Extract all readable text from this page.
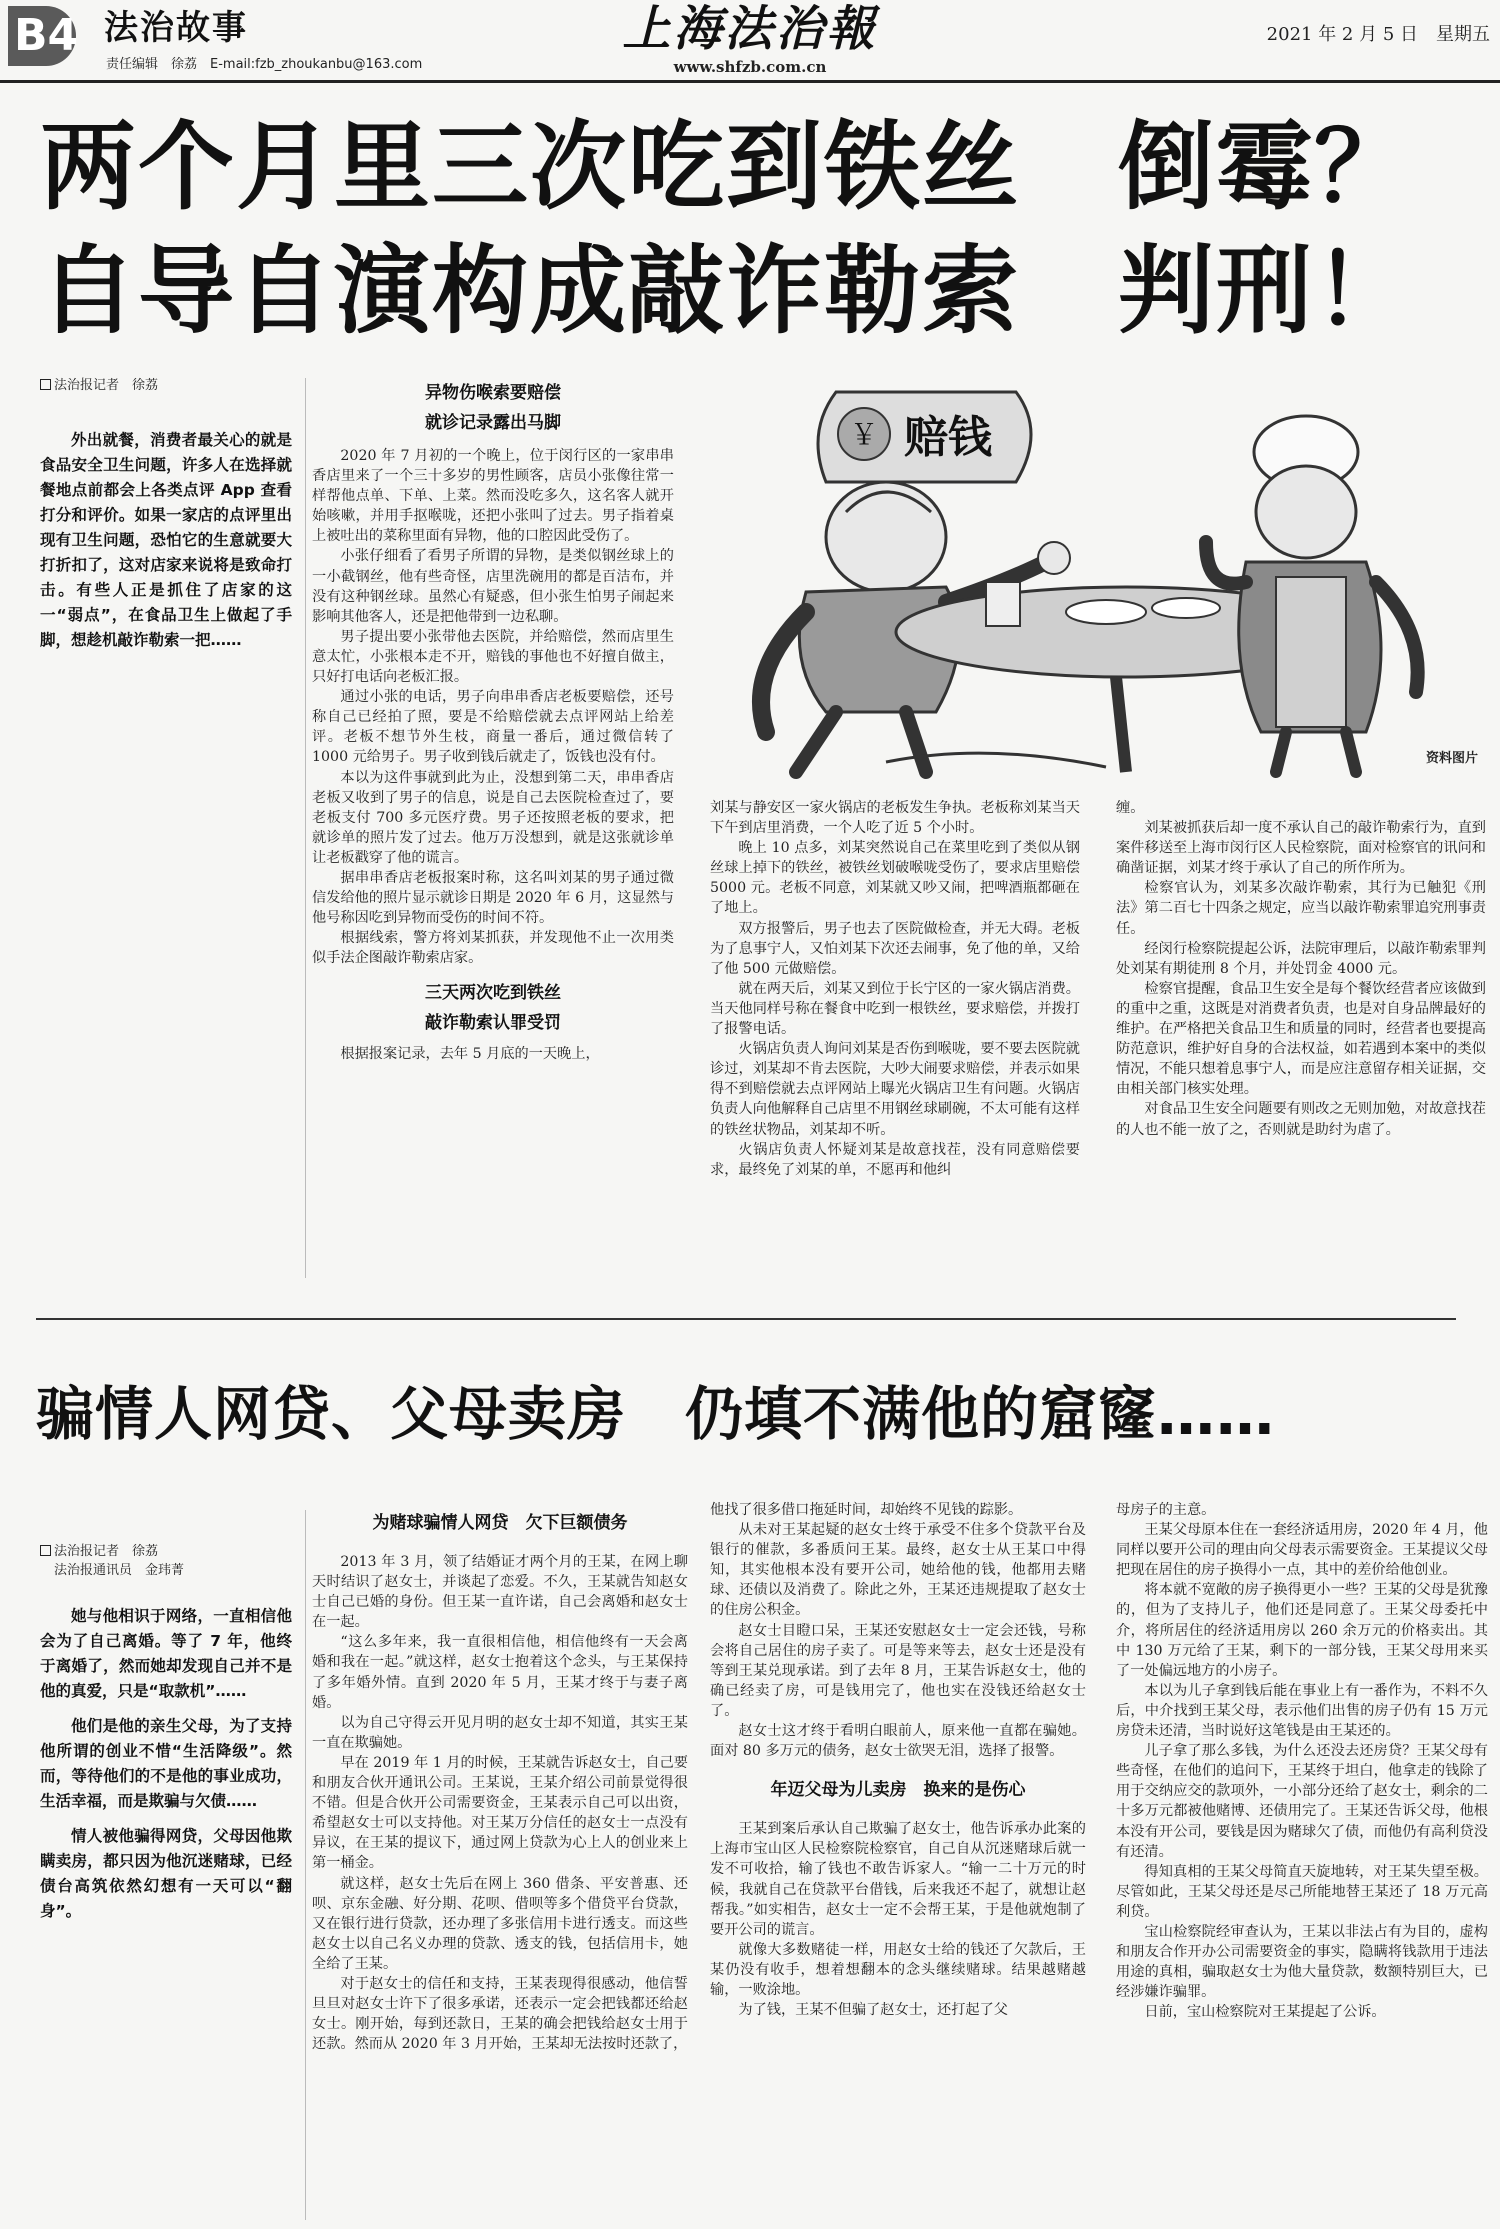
B4 法治故事
责任编辑　徐荔　E-mail:fzb_zhoukanbu@163.com
上海法治報
www.shfzb.com.cn
2021 年 2 月 5 日　星期五
两个月里三次吃到铁丝　倒霉？
自导自演构成敲诈勒索　判刑！
法治报记者　徐荔

外出就餐，消费者最关心的就是食品安全卫生问题，许多人在选择就餐地点前都会上各类点评 App 查看打分和评价。如果一家店的点评里出现有卫生问题，恐怕它的生意就要大打折扣了，这对店家来说将是致命打击。有些人正是抓住了店家的这一“弱点”，在食品卫生上做起了手脚，想趁机敲诈勒索一把……

异物伤喉索要赔偿

就诊记录露出马脚

2020 年 7 月初的一个晚上，位于闵行区的一家串串香店里来了一个三十多岁的男性顾客，店员小张像往常一样帮他点单、下单、上菜。然而没吃多久，这名客人就开始咳嗽，并用手抠喉咙，还把小张叫了过去。男子指着桌上被吐出的菜称里面有异物，他的口腔因此受伤了。

小张仔细看了看男子所谓的异物，是类似钢丝球上的一小截钢丝，他有些奇怪，店里洗碗用的都是百洁布，并没有这种钢丝球。虽然心有疑惑，但小张生怕男子闹起来影响其他客人，还是把他带到一边私聊。

男子提出要小张带他去医院，并给赔偿，然而店里生意太忙，小张根本走不开，赔钱的事他也不好擅自做主，只好打电话向老板汇报。

通过小张的电话，男子向串串香店老板要赔偿，还号称自己已经拍了照，要是不给赔偿就去点评网站上给差评。老板不想节外生枝，商量一番后，通过微信转了 1000 元给男子。男子收到钱后就走了，饭钱也没有付。

本以为这件事就到此为止，没想到第二天，串串香店老板又收到了男子的信息，说是自己去医院检查过了，要老板支付 700 多元医疗费。男子还按照老板的要求，把就诊单的照片发了过去。他万万没想到，就是这张就诊单让老板戳穿了他的谎言。

据串串香店老板报案时称，这名叫刘某的男子通过微信发给他的照片显示就诊日期是 2020 年 6 月，这显然与他号称因吃到异物而受伤的时间不符。

根据线索，警方将刘某抓获，并发现他不止一次用类似手法企图敲诈勒索店家。

三天两次吃到铁丝

敲诈勒索认罪受罚

根据报案记录，去年 5 月底的一天晚上，

￥ 赔钱
资料图片

刘某与静安区一家火锅店的老板发生争执。老板称刘某当天下午到店里消费，一个人吃了近 5 个小时。

晚上 10 点多，刘某突然说自己在菜里吃到了类似从钢丝球上掉下的铁丝，被铁丝划破喉咙受伤了，要求店里赔偿 5000 元。老板不同意，刘某就又吵又闹，把啤酒瓶都砸在了地上。

双方报警后，男子也去了医院做检查，并无大碍。老板为了息事宁人，又怕刘某下次还去闹事，免了他的单，又给了他 500 元做赔偿。

就在两天后，刘某又到位于长宁区的一家火锅店消费。当天他同样号称在餐食中吃到一根铁丝，要求赔偿，并拨打了报警电话。

火锅店负责人询问刘某是否伤到喉咙，要不要去医院就诊过，刘某却不肯去医院，大吵大闹要求赔偿，并表示如果得不到赔偿就去点评网站上曝光火锅店卫生有问题。火锅店负责人向他解释自己店里不用钢丝球刷碗，不太可能有这样的铁丝状物品，刘某却不听。

火锅店负责人怀疑刘某是故意找茬，没有同意赔偿要求，最终免了刘某的单，不愿再和他纠

缠。

刘某被抓获后却一度不承认自己的敲诈勒索行为，直到案件移送至上海市闵行区人民检察院，面对检察官的讯问和确凿证据，刘某才终于承认了自己的所作所为。

检察官认为，刘某多次敲诈勒索，其行为已触犯《刑法》第二百七十四条之规定，应当以敲诈勒索罪追究刑事责任。

经闵行检察院提起公诉，法院审理后，以敲诈勒索罪判处刘某有期徒刑 8 个月，并处罚金 4000 元。

检察官提醒，食品卫生安全是每个餐饮经营者应该做到的重中之重，这既是对消费者负责，也是对自身品牌最好的维护。在严格把关食品卫生和质量的同时，经营者也要提高防范意识，维护好自身的合法权益，如若遇到本案中的类似情况，不能只想着息事宁人，而是应注意留存相关证据，交由相关部门核实处理。

对食品卫生安全问题要有则改之无则加勉，对故意找茬的人也不能一放了之，否则就是助纣为虐了。

骗情人网贷、父母卖房　仍填不满他的窟窿……
法治报记者　徐荔
法治报通讯员　金玮菁

她与他相识于网络，一直相信他会为了自己离婚。等了 7 年，他终于离婚了，然而她却发现自己并不是他的真爱，只是“取款机”……

他们是他的亲生父母，为了支持他所谓的创业不惜“生活降级”。然而，等待他们的不是他的事业成功，生活幸福，而是欺骗与欠债……

情人被他骗得网贷，父母因他欺瞒卖房，都只因为他沉迷赌球，已经债台高筑依然幻想有一天可以“翻身”。

为赌球骗情人网贷　欠下巨额债务

2013 年 3 月，领了结婚证才两个月的王某，在网上聊天时结识了赵女士，并谈起了恋爱。不久，王某就告知赵女士自己已婚的身份。但王某一直许诺，自己会离婚和赵女士在一起。

“这么多年来，我一直很相信他，相信他终有一天会离婚和我在一起。”就这样，赵女士抱着这个念头，与王某保持了多年婚外情。直到 2020 年 5 月，王某才终于与妻子离婚。

以为自己守得云开见月明的赵女士却不知道，其实王某一直在欺骗她。

早在 2019 年 1 月的时候，王某就告诉赵女士，自己要和朋友合伙开通讯公司。王某说，王某介绍公司前景觉得很不错。但是合伙开公司需要资金，王某表示自己可以出资，希望赵女士可以支持他。对王某万分信任的赵女士一点没有异议，在王某的提议下，通过网上贷款为心上人的创业来上第一桶金。

就这样，赵女士先后在网上 360 借条、平安普惠、还呗、京东金融、好分期、花呗、借呗等多个借贷平台贷款，又在银行进行贷款，还办理了多张信用卡进行透支。而这些赵女士以自己名义办理的贷款、透支的钱，包括信用卡，她全给了王某。

对于赵女士的信任和支持，王某表现得很感动，他信誓旦旦对赵女士许下了很多承诺，还表示一定会把钱都还给赵女士。刚开始，每到还款日，王某的确会把钱给赵女士用于还款。然而从 2020 年 3 月开始，王某却无法按时还款了，

他找了很多借口拖延时间，却始终不见钱的踪影。

从未对王某起疑的赵女士终于承受不住多个贷款平台及银行的催款，多番质问王某。最终，赵女士从王某口中得知，其实他根本没有要开公司，她给他的钱，他都用去赌球、还债以及消费了。除此之外，王某还违规提取了赵女士的住房公积金。

赵女士目瞪口呆，王某还安慰赵女士一定会还钱，号称会将自己居住的房子卖了。可是等来等去，赵女士还是没有等到王某兑现承诺。到了去年 8 月，王某告诉赵女士，他的确已经卖了房，可是钱用完了，他也实在没钱还给赵女士了。

赵女士这才终于看明白眼前人，原来他一直都在骗她。面对 80 多万元的债务，赵女士欲哭无泪，选择了报警。

年迈父母为儿卖房　换来的是伤心

王某到案后承认自己欺骗了赵女士，他告诉承办此案的上海市宝山区人民检察院检察官，自己自从沉迷赌球后就一发不可收拾，输了钱也不敢告诉家人。“输一二十万元的时候，我就自己在贷款平台借钱，后来我还不起了，就想让赵帮我。”如实相告，赵女士一定不会帮王某，于是他就炮制了要开公司的谎言。

就像大多数赌徒一样，用赵女士给的钱还了欠款后，王某仍没有收手，想着想翻本的念头继续赌球。结果越赌越输，一败涂地。

为了钱，王某不但骗了赵女士，还打起了父

母房子的主意。

王某父母原本住在一套经济适用房，2020 年 4 月，他同样以要开公司的理由向父母表示需要资金。王某提议父母把现在居住的房子换得小一点，其中的差价给他创业。

将本就不宽敞的房子换得更小一些？王某的父母是犹豫的，但为了支持儿子，他们还是同意了。王某父母委托中介，将所居住的经济适用房以 260 余万元的价格卖出。其中 130 万元给了王某，剩下的一部分钱，王某父母用来买了一处偏远地方的小房子。

本以为儿子拿到钱后能在事业上有一番作为，不料不久后，中介找到王某父母，表示他们出售的房子仍有 15 万元房贷未还清，当时说好这笔钱是由王某还的。

儿子拿了那么多钱，为什么还没去还房贷？王某父母有些奇怪，在他们的追问下，王某终于坦白，他拿走的钱除了用于交纳应交的款项外，一小部分还给了赵女士，剩余的二十多万元都被他赌博、还债用完了。王某还告诉父母，他根本没有开公司，要钱是因为赌球欠了债，而他仍有高利贷没有还清。

得知真相的王某父母简直天旋地转，对王某失望至极。尽管如此，王某父母还是尽己所能地替王某还了 18 万元高利贷。

宝山检察院经审查认为，王某以非法占有为目的，虚构和朋友合作开办公司需要资金的事实，隐瞒将钱款用于违法用途的真相，骗取赵女士为他大量贷款，数额特别巨大，已经涉嫌诈骗罪。

日前，宝山检察院对王某提起了公诉。
